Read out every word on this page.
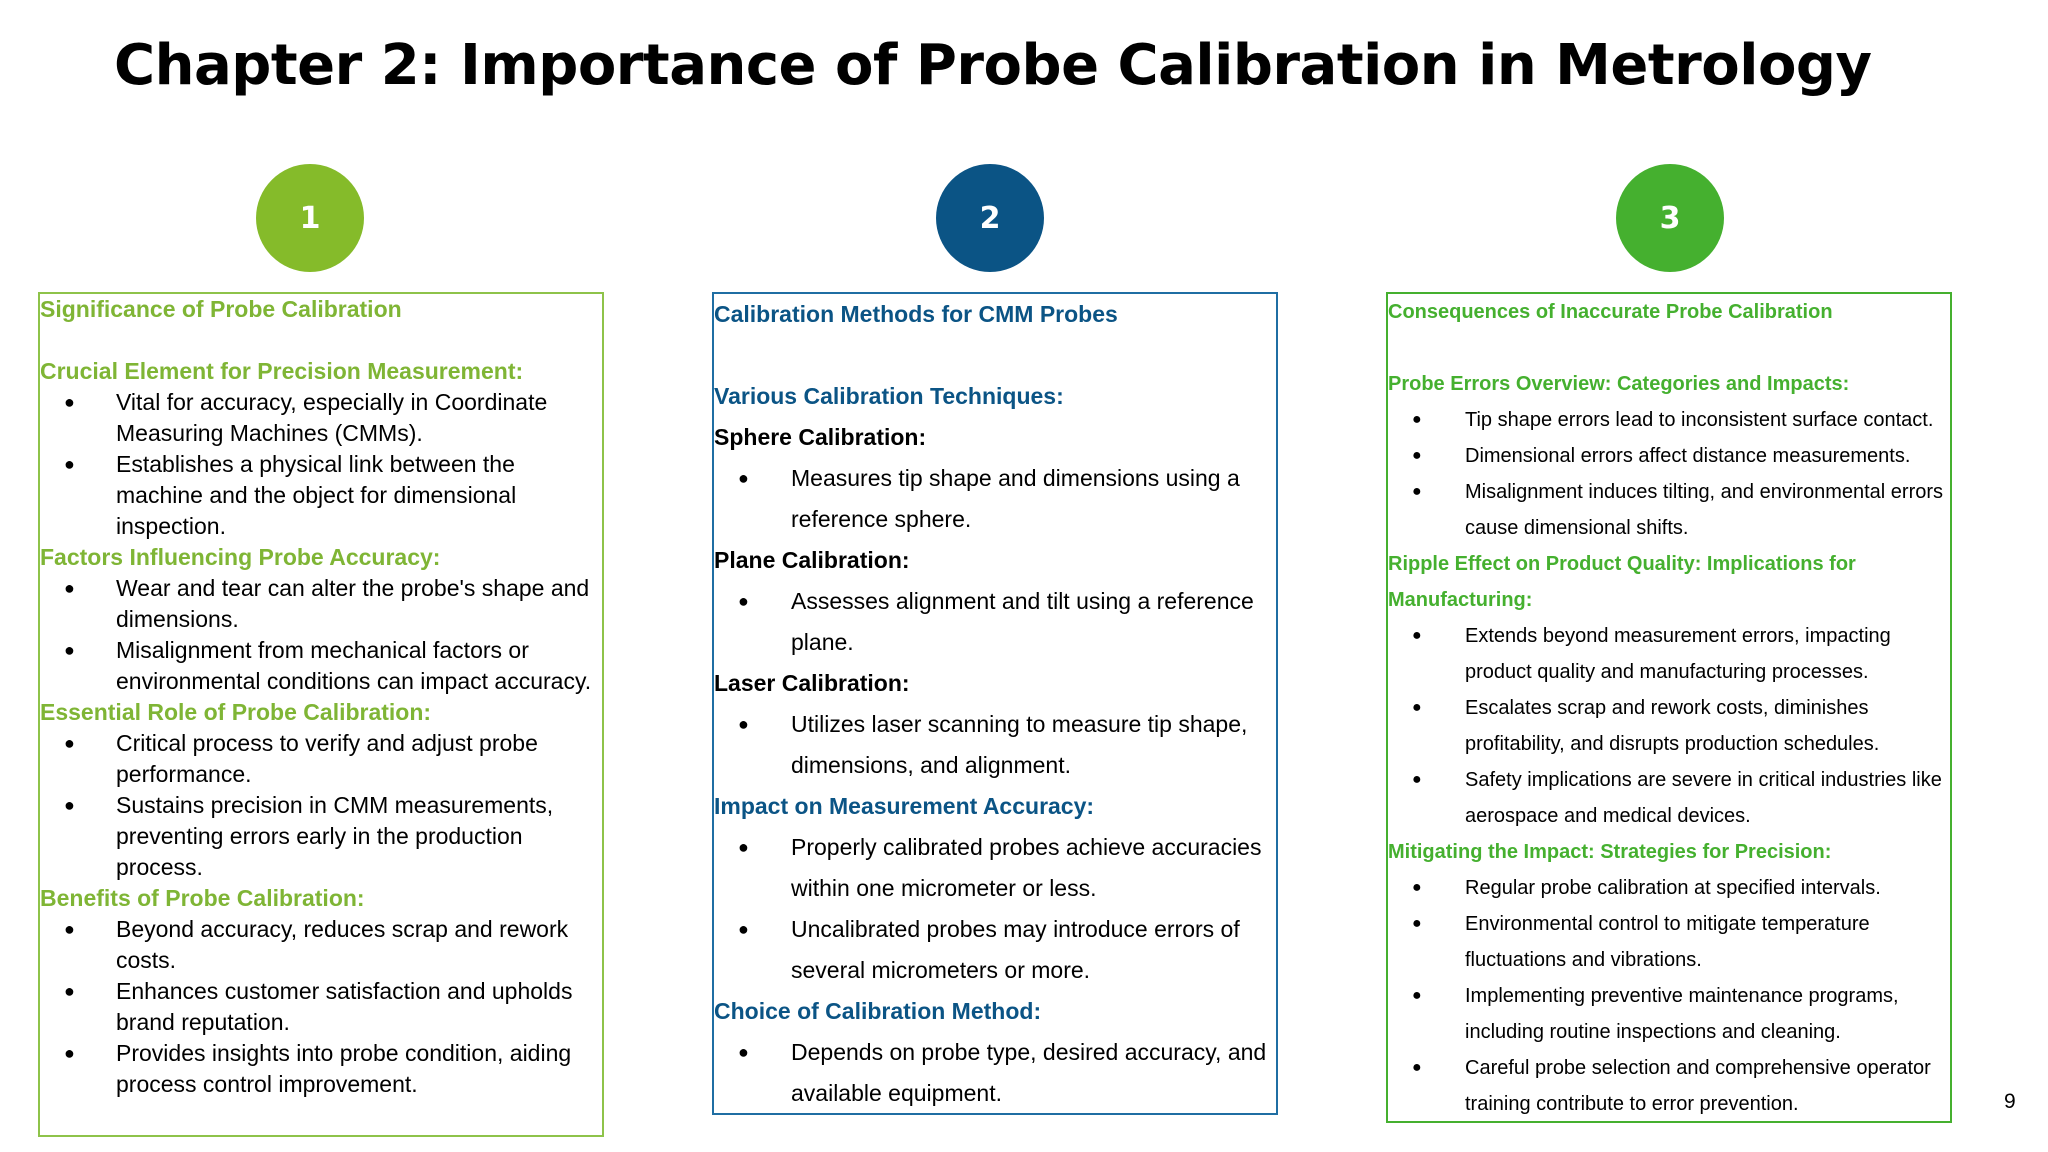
Chapter 2: Importance of Probe Calibration in Metrology
1	2	3
Significance of Probe Calibration
Crucial Element for Precision Measurement:
● Vital for accuracy, especially in Coordinate Measuring Machines (CMMs).
● Establishes a physical link between the machine and the object for dimensional inspection.
Factors Influencing Probe Accuracy:
● Wear and tear can alter the probe's shape and dimensions.
● Misalignment from mechanical factors or environmental conditions can impact accuracy.
Essential Role of Probe Calibration:
● Critical process to verify and adjust probe performance.
● Sustains precision in CMM measurements, preventing errors early in the production process.
Benefits of Probe Calibration:
● Beyond accuracy, reduces scrap and rework costs.
● Enhances customer satisfaction and upholds brand reputation.
● Provides insights into probe condition, aiding process control improvement.
Calibration Methods for CMM Probes
Various Calibration Techniques:
Sphere Calibration:
● Measures tip shape and dimensions using a reference sphere.
Plane Calibration:
● Assesses alignment and tilt using a reference plane.
Laser Calibration:
● Utilizes laser scanning to measure tip shape, dimensions, and alignment.
Impact on Measurement Accuracy:
● Properly calibrated probes achieve accuracies within one micrometer or less.
● Uncalibrated probes may introduce errors of several micrometers or more.
Choice of Calibration Method:
● Depends on probe type, desired accuracy, and available equipment.
Consequences of Inaccurate Probe Calibration
Probe Errors Overview: Categories and Impacts:
● Tip shape errors lead to inconsistent surface contact.
● Dimensional errors affect distance measurements.
● Misalignment induces tilting, and environmental errors cause dimensional shifts.
Ripple Effect on Product Quality: Implications for Manufacturing:
● Extends beyond measurement errors, impacting product quality and manufacturing processes.
● Escalates scrap and rework costs, diminishes profitability, and disrupts production schedules.
● Safety implications are severe in critical industries like aerospace and medical devices.
Mitigating the Impact: Strategies for Precision:
● Regular probe calibration at specified intervals.
● Environmental control to mitigate temperature fluctuations and vibrations.
● Implementing preventive maintenance programs, including routine inspections and cleaning.
● Careful probe selection and comprehensive operator training contribute to error prevention.	9
